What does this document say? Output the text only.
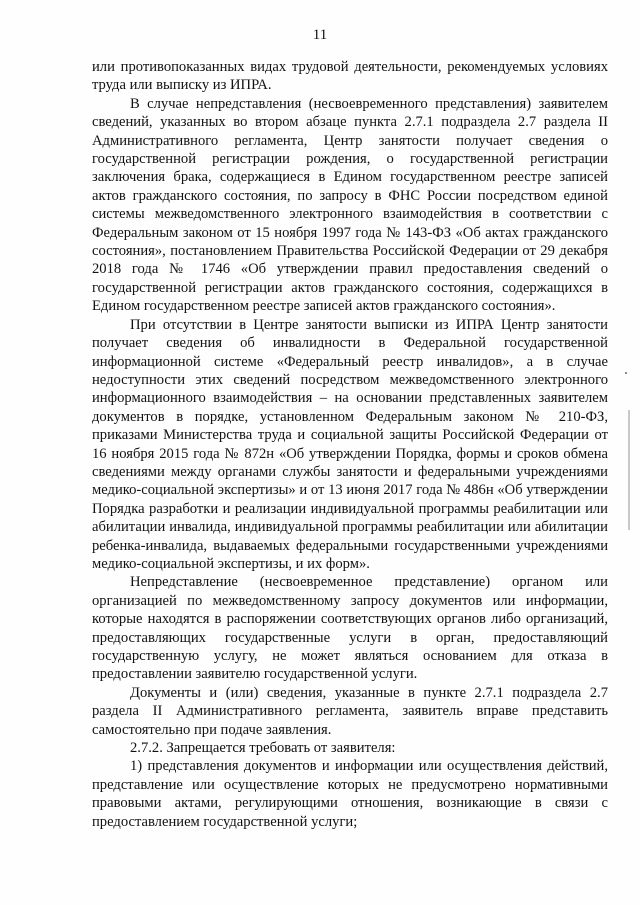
11

или противопоказанных видах трудовой деятельности, рекомендуемых условиях труда или выписку из ИПРА.

В случае непредставления (несвоевременного представления) заявителем сведений, указанных во втором абзаце пункта 2.7.1 подраздела 2.7 раздела II Административного регламента, Центр занятости получает сведения о государственной регистрации рождения, о государственной регистрации заключения брака, содержащиеся в Едином государственном реестре записей актов гражданского состояния, по запросу в ФНС России посредством единой системы межведомственного электронного взаимодействия в соответствии с Федеральным законом от 15 ноября 1997 года № 143-ФЗ «Об актах гражданского состояния», постановлением Правительства Российской Федерации от 29 декабря 2018 года № 1746 «Об утверждении правил предоставления сведений о государственной регистрации актов гражданского состояния, содержащихся в Едином государственном реестре записей актов гражданского состояния».

При отсутствии в Центре занятости выписки из ИПРА Центр занятости получает сведения об инвалидности в Федеральной государственной информационной системе «Федеральный реестр инвалидов», а в случае недоступности этих сведений посредством межведомственного электронного информационного взаимодействия – на основании представленных заявителем документов в порядке, установленном Федеральным законом № 210-ФЗ, приказами Министерства труда и социальной защиты Российской Федерации от 16 ноября 2015 года № 872н «Об утверждении Порядка, формы и сроков обмена сведениями между органами службы занятости и федеральными учреждениями медико-социальной экспертизы» и от 13 июня 2017 года № 486н «Об утверждении Порядка разработки и реализации индивидуальной программы реабилитации или абилитации инвалида, индивидуальной программы реабилитации или абилитации ребенка-инвалида, выдаваемых федеральными государственными учреждениями медико-социальной экспертизы, и их форм».

Непредставление (несвоевременное представление) органом или организацией по межведомственному запросу документов или информации, которые находятся в распоряжении соответствующих органов либо организаций, предоставляющих государственные услуги в орган, предоставляющий государственную услугу, не может являться основанием для отказа в предоставлении заявителю государственной услуги.

Документы и (или) сведения, указанные в пункте 2.7.1 подраздела 2.7 раздела II Административного регламента, заявитель вправе представить самостоятельно при подаче заявления.

2.7.2. Запрещается требовать от заявителя:

1) представления документов и информации или осуществления действий, представление или осуществление которых не предусмотрено нормативными правовыми актами, регулирующими отношения, возникающие в связи с предоставлением государственной услуги;
